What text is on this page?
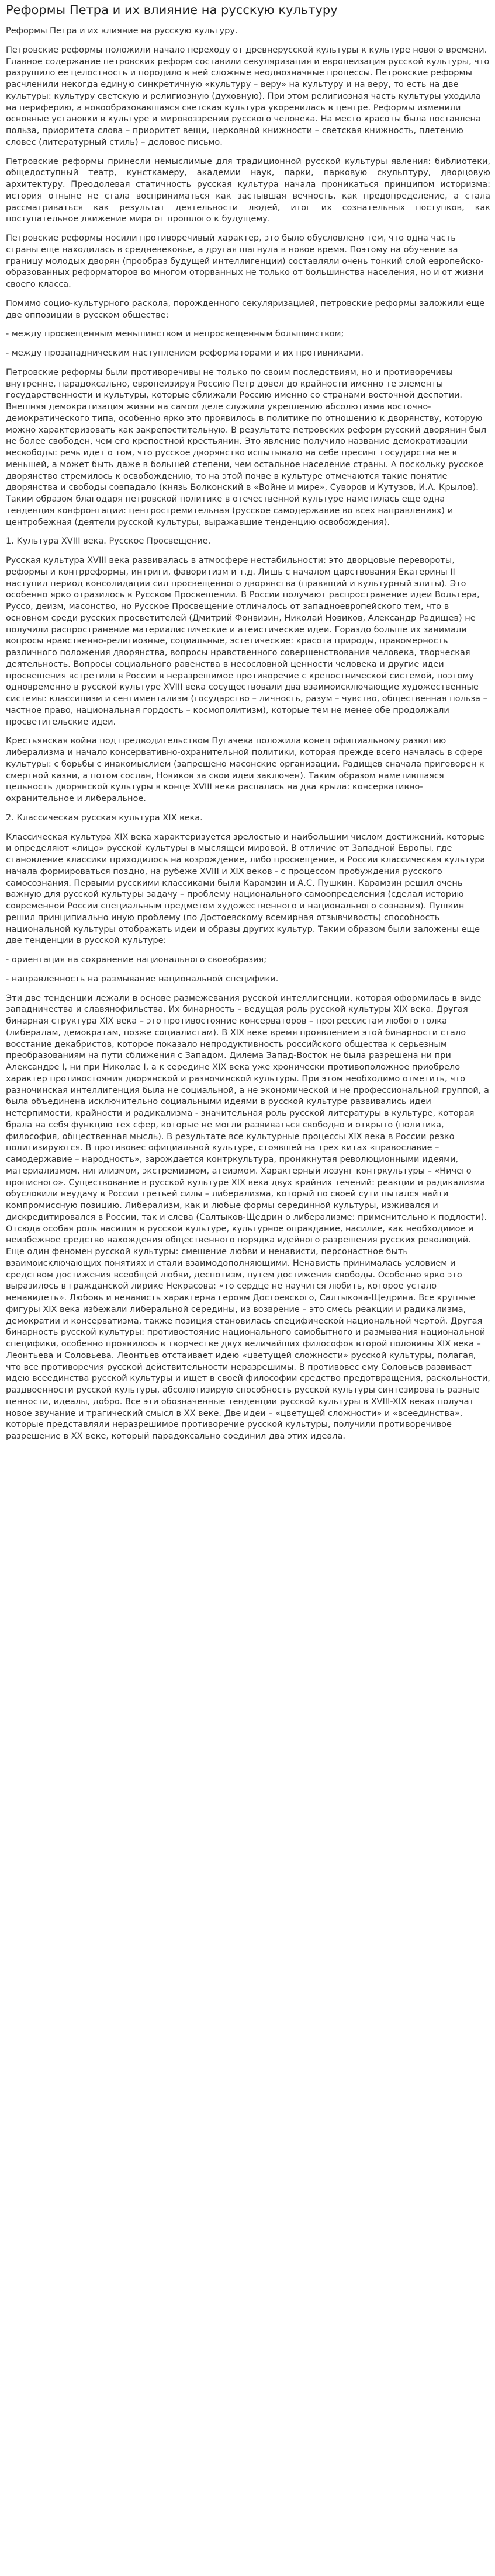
Реформы Петра и их влияние на русскую культуру

Реформы Петра и их влияние на русскую культуру.

Петровские реформы положили начало переходу от древнерусской культуры к культуре нового времени. Главное содержание петровских реформ составили секуляризация и европеизация русской культуры, что разрушило ее целостность и породило в ней сложные неоднозначные процессы. Петровские реформы расчленили некогда единую синкретичную «культуру – веру» на культуру и на веру, то есть на две культуры: культуру светскую и религиозную (духовную). При этом религиозная часть культуры уходила на периферию, а новообразовавшаяся светская культура укоренилась в центре. Реформы изменили основные установки в культуре и мировоззрении русского человека. На место красоты была поставлена польза, приоритета слова – приоритет вещи, церковной книжности – светская книжность, плетению словес (литературный стиль) – деловое письмо.

Петровские реформы принесли немыслимые для традиционной русской культуры явления: библиотеки, общедоступный театр, кунсткамеру, академии наук, парки, парковую скульптуру, дворцовую архитектуру. Преодолевая статичность русская культура начала проникаться принципом историзма: история отныне не стала восприниматься как застывшая вечность, как предопределение, а стала рассматриваться как результат деятельности людей, итог их сознательных поступков, как поступательное движение мира от прошлого к будущему.

Петровские реформы носили противоречивый характер, это было обусловлено тем, что одна часть страны еще находилась в средневековье, а другая шагнула в новое время. Поэтому на обучение за границу молодых дворян (прообраз будущей интеллигенции) составляли очень тонкий слой европейско-образованных реформаторов во многом оторванных не только от большинства населения, но и от жизни своего класса.

Помимо социо-культурного раскола, порожденного секуляризацией, петровские реформы заложили еще две оппозиции в русском обществе:

- между просвещенным меньшинством и непросвещенным большинством;

- между прозападническим наступлением реформаторами и их противниками.

Петровские реформы были противоречивы не только по своим последствиям, но и противоречивы внутренне, парадоксально, европеизируя Россию Петр довел до крайности именно те элементы государственности и культуры, которые сближали Россию именно со странами восточной деспотии. Внешняя демократизация жизни на самом деле служила укреплению абсолютизма восточно-демократического типа, особенно ярко это проявилось в политике по отношению к дворянству, которую можно характеризовать как закрепостительную. В результате петровских реформ русский дворянин был не более свободен, чем его крепостной крестьянин. Это явление получило название демократизации несвободы: речь идет о том, что русское дворянство испытывало на себе пресинг государства не в меньшей, а может быть даже в большей степени, чем остальное население страны. А поскольку русское дворянство стремилось к освобождению, то на этой почве в культуре отмечаются такие понятие дворянства и свободы совпадало (князь Болконский в «Войне и мире», Суворов и Кутузов, И.А. Крылов). Таким образом благодаря петровской политике в отечественной культуре наметилась еще одна тенденция конфронтации: центростремительная (русское самодержавие во всех направлениях) и центробежная (деятели русской культуры, выражавшие тенденцию освобождения).

1. Культура XVIII века. Русское Просвещение.

Русская культура XVIII века развивалась в атмосфере нестабильности: это дворцовые перевороты, реформы и контрреформы, интриги, фаворитизм и т.д. Лишь с началом царствования Екатерины II наступил период консолидации сил просвещенного дворянства (правящий и культурный элиты). Это особенно ярко отразилось в Русском Просвещении. В России получают распространение идеи Вольтера, Руссо, деизм, масонство, но Русское Просвещение отличалось от западноевропейского тем, что в основном среди русских просветителей (Дмитрий Фонвизин, Николай Новиков, Александр Радищев) не получили распространение материалистические и атеистические идеи. Гораздо больше их занимали вопросы нравственно-религиозные, социальные, эстетические: красота природы, правомерность различного положения дворянства, вопросы нравственного совершенствования человека, творческая деятельность. Вопросы социального равенства в несословной ценности человека и другие идеи просвещения встретили в России в неразрешимое противоречие с крепостнической системой, поэтому одновременно в русской культуре XVIII века сосуществовали два взаимоисключающие художественные системы: классицизм и сентиментализм (государство – личность, разум – чувство, общественная польза – частное право, национальная гордость – космополитизм), которые тем не менее обе продолжали просветительские идеи.

Крестьянская война под предводительством Пугачева положила конец официальному развитию либерализма и начало консервативно-охранительной политики, которая прежде всего началась в сфере культуры: с борьбы с инакомыслием (запрещено масонские организации, Радищев сначала приговорен к смертной казни, а потом сослан, Новиков за свои идеи заключен). Таким образом наметившаяся цельность дворянской культуры в конце XVIII века распалась на два крыла: консервативно-охранительное и либеральное.

2. Классическая русская культура XIX века.

Классическая культура XIX века характеризуется зрелостью и наибольшим числом достижений, которые и определяют «лицо» русской культуры в мыслящей мировой. В отличие от Западной Европы, где становление классики приходилось на возрождение, либо просвещение, в России классическая культура начала формироваться поздно, на рубеже XVIII и XIX веков - с процессом пробуждения русского самосознания. Первыми русскими классиками были Карамзин и А.С. Пушкин. Карамзин решил очень важную для русской культуры задачу – проблему национального самоопределения (сделал историю современной России специальным предметом художественного и национального сознания). Пушкин решил принципиально иную проблему (по Достоевскому всемирная отзывчивость) способность национальной культуры отображать идеи и образы других культур. Таким образом были заложены еще две тенденции в русской культуре:

- ориентация на сохранение национального своеобразия;

- направленность на размывание национальной специфики.

Эти две тенденции лежали в основе размежевания русской интеллигенции, которая оформилась в виде западничества и славянофильства. Их бинарность – ведущая роль русской культуры XIX века. Другая бинарная структура XIX века – это противостояние консерваторов – прогрессистам любого толка (либералам, демократам, позже социалистам). В XIX веке время проявлением этой бинарности стало восстание декабристов, которое показало непродуктивность российского общества к серьезным преобразованиям на пути сближения с Западом. Дилема Запад-Восток не была разрешена ни при Александре I, ни при Николае I, а к середине XIX века уже хронически противоположное приобрело характер противостояния дворянской и разночинской культуры. При этом необходимо отметить, что разночинская интеллигенция была не социальной, а не экономической и не профессиональной группой, а была объединена исключительно социальными идеями в русской культуре развивались идеи нетерпимости, крайности и радикализма - значительная роль русской литературы в культуре, которая брала на себя функцию тех сфер, которые не могли развиваться свободно и открыто (политика, философия, общественная мысль). В результате все культурные процессы XIX века в России резко политизируются. В противовес официальной культуре, стоявшей на трех китах «православие – самодержавие – народность», зарождается контркультура, проникнутая революционными идеями, материализмом, нигилизмом, экстремизмом, атеизмом. Характерный лозунг контркультуры – «Ничего прописного». Существование в русской культуре XIX века двух крайних течений: реакции и радикализма обусловили неудачу в России третьей силы – либерализма, который по своей сути пытался найти компромиссную позицию. Либерализм, как и любые формы серединной культуры, изживался и дискредитировался в России, так и слева (Салтыков-Щедрин о либерализме: применительно к подлости). Отсюда особая роль насилия в русской культуре, культурное оправдание, насилие, как необходимое и неизбежное средство нахождения общественного порядка идейного разрешения русских революций. Еще один феномен русской культуры: смешение любви и ненависти, персонастное быть взаимоисключающих понятиях и стали взаимодополняющими. Ненависть принималась условием и средством достижения всеобщей любви, деспотизм, путем достижения свободы. Особенно ярко это выразилось в гражданской лирике Некрасова: «то сердце не научится любить, которое устало ненавидеть». Любовь и ненависть характерна героям Достоевского, Салтыкова-Щедрина. Все крупные фигуры XIX века избежали либеральной середины, из возврение – это смесь реакции и радикализма, демократии и консерватизма, также позиция становилась специфической национальной чертой. Другая бинарность русской культуры: противостояние национального самобытного и размывания национальной специфики, особенно проявилось в творчестве двух величайших философов второй половины XIX века – Леонтьева и Соловьева. Леонтьев отстаивает идею «цветущей сложности» русской культуры, полагая, что все противоречия русской действительности неразрешимы. В противовес ему Соловьев развивает идею всеединства русской культуры и ищет в своей философии средство предотвращения, раскольности, раздвоенности русской культуры, абсолютизирую способность русской культуры синтезировать разные ценности, идеалы, добро. Все эти обозначенные тенденции русской культуры в XVIII-XIX веках получат новое звучание и трагический смысл в XX веке. Две идеи – «цветущей сложности» и «всеединства», которые представляли неразрешимое противоречие русской культуры, получили противоречивое разрешение в XX веке, который парадоксально соединил два этих идеала.
